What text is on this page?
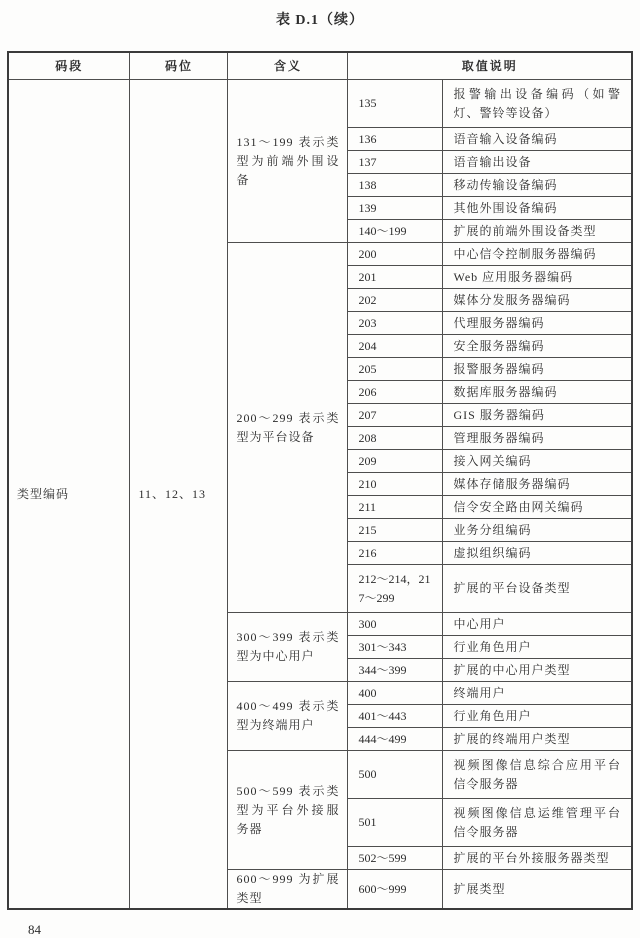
表 D.1（续）
码段	码位	含义	取值说明	
类型编码	11、12、13	131～199 表示类型为前端外围设备	135	报警输出设备编码（如警灯、警铃等设备）
			136	语音输入设备编码
			137	语音输出设备
			138	移动传输设备编码
			139	其他外围设备编码
			140～199	扩展的前端外围设备类型
		200～299 表示类型为平台设备	200	中心信令控制服务器编码
			201	Web 应用服务器编码
			202	媒体分发服务器编码
			203	代理服务器编码
			204	安全服务器编码
			205	报警服务器编码
			206	数据库服务器编码
			207	GIS 服务器编码
			208	管理服务器编码
			209	接入网关编码
			210	媒体存储服务器编码
			211	信令安全路由网关编码
			215	业务分组编码
			216	虚拟组织编码
			212～214，217～299	扩展的平台设备类型
		300～399 表示类型为中心用户	300	中心用户
			301～343	行业角色用户
			344～399	扩展的中心用户类型
		400～499 表示类型为终端用户	400	终端用户
			401～443	行业角色用户
			444～499	扩展的终端用户类型
		500～599 表示类型为平台外接服务器	500	视频图像信息综合应用平台信令服务器
			501	视频图像信息运维管理平台信令服务器
			502～599	扩展的平台外接服务器类型
		600～999 为扩展类型	600～999	扩展类型
84
